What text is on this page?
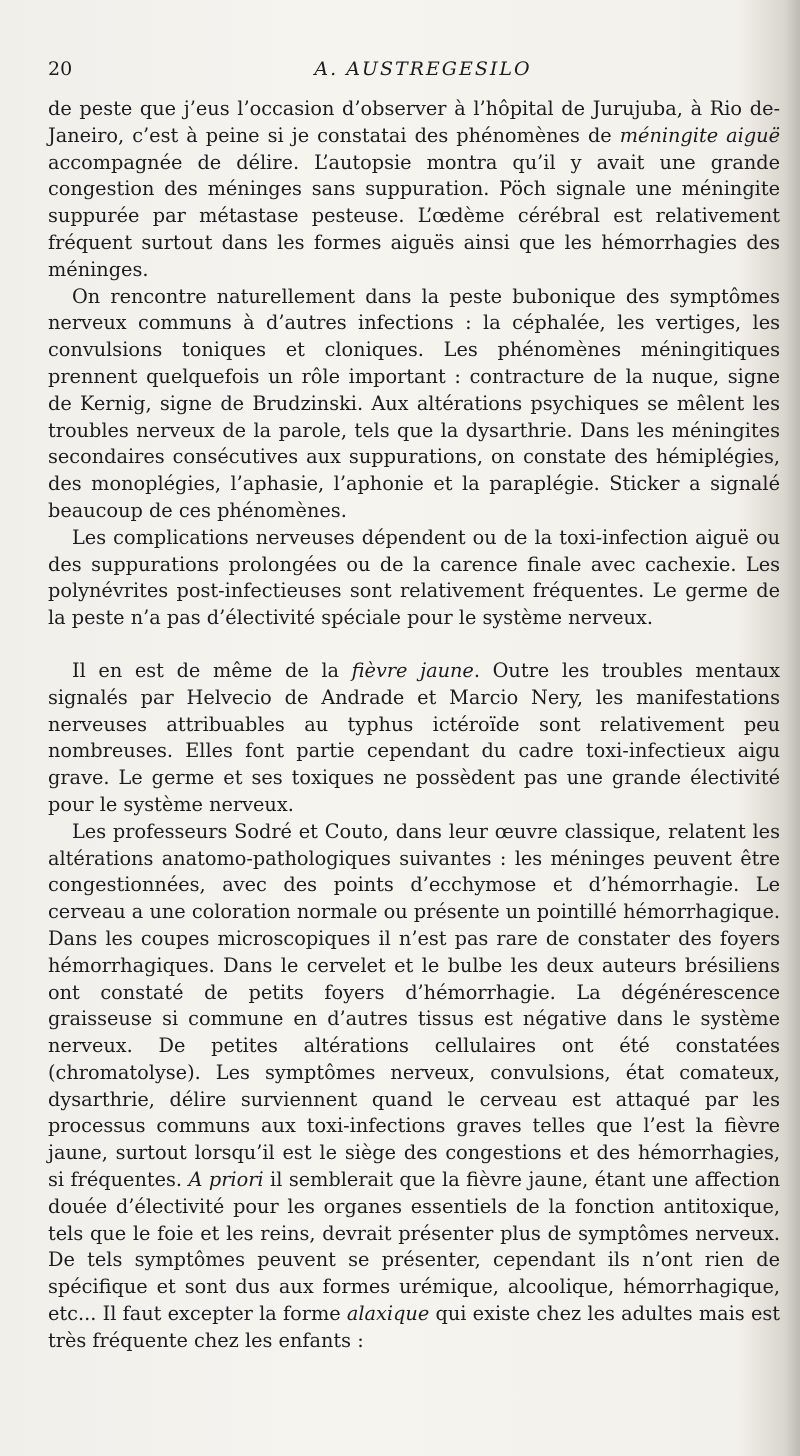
20	A. AUSTREGESILO

de peste que j’eus l’occasion d’observer à l’hôpital de Jurujuba, à Rio de-Janeiro, c’est à peine si je constatai des phénomènes de méningite aiguë accompagnée de délire. L’autopsie montra qu’il y avait une grande congestion des méninges sans suppuration. Pöch signale une méningite suppurée par métastase pesteuse. L’œdème cérébral est relativement fréquent surtout dans les formes aiguës ainsi que les hémorrhagies des méninges.

On rencontre naturellement dans la peste bubonique des symptômes nerveux communs à d’autres infections : la céphalée, les vertiges, les convulsions toniques et cloniques. Les phénomènes méningitiques prennent quelquefois un rôle important : contracture de la nuque, signe de Kernig, signe de Brudzinski. Aux altérations psychiques se mêlent les troubles nerveux de la parole, tels que la dysarthrie. Dans les méningites secondaires consécutives aux suppurations, on constate des hémiplégies, des monoplégies, l’aphasie, l’aphonie et la paraplégie. Sticker a signalé beaucoup de ces phénomènes.

Les complications nerveuses dépendent ou de la toxi-infection aiguë ou des suppurations prolongées ou de la carence finale avec cachexie. Les polynévrites post-infectieuses sont relativement fréquentes. Le germe de la peste n’a pas d’électivité spéciale pour le système nerveux.

Il en est de même de la fièvre jaune. Outre les troubles mentaux signalés par Helvecio de Andrade et Marcio Nery, les manifestations nerveuses attribuables au typhus ictéroïde sont relativement peu nombreuses. Elles font partie cependant du cadre toxi-infectieux aigu grave. Le germe et ses toxiques ne possèdent pas une grande électivité pour le système nerveux.

Les professeurs Sodré et Couto, dans leur œuvre classique, relatent les altérations anatomo-pathologiques suivantes : les méninges peuvent être congestionnées, avec des points d’ecchymose et d’hémorrhagie. Le cerveau a une coloration normale ou présente un pointillé hémorrhagique. Dans les coupes microscopiques il n’est pas rare de constater des foyers hémorrhagiques. Dans le cervelet et le bulbe les deux auteurs brésiliens ont constaté de petits foyers d’hémorrhagie. La dégénérescence graisseuse si commune en d’autres tissus est négative dans le système nerveux. De petites altérations cellulaires ont été constatées (chromatolyse). Les symptômes nerveux, convulsions, état comateux, dysarthrie, délire surviennent quand le cerveau est attaqué par les processus communs aux toxi-infections graves telles que l’est la fièvre jaune, surtout lorsqu’il est le siège des congestions et des hémorrhagies, si fréquentes. A priori il semblerait que la fièvre jaune, étant une affection douée d’électivité pour les organes essentiels de la fonction antitoxique, tels que le foie et les reins, devrait présenter plus de symptômes nerveux. De tels symptômes peuvent se présenter, cependant ils n’ont rien de spécifique et sont dus aux formes urémique, alcoolique, hémorrhagique, etc... Il faut excepter la forme alaxique qui existe chez les adultes mais est très fréquente chez les enfants :
